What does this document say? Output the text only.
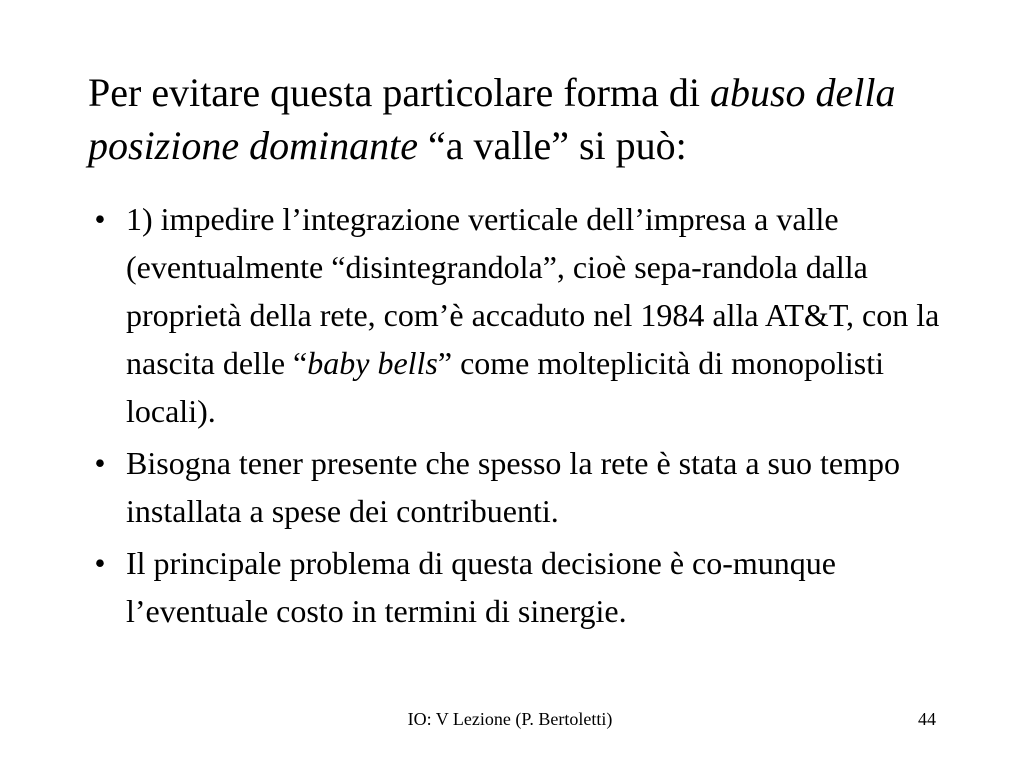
Per evitare questa particolare forma di abuso della posizione dominante “a valle” si può:
• 1) impedire l’integrazione verticale dell’impresa a valle (eventualmente “disintegrandola”, cioè sepa-randola dalla proprietà della rete, com’è accaduto nel 1984 alla AT&T, con la nascita delle “baby bells” come molteplicità di monopolisti locali).
• Bisogna tener presente che spesso la rete è stata a suo tempo installata a spese dei contribuenti.
• Il principale problema di questa decisione è co-munque l’eventuale costo in termini di sinergie.
IO: V Lezione (P. Bertoletti)	44
